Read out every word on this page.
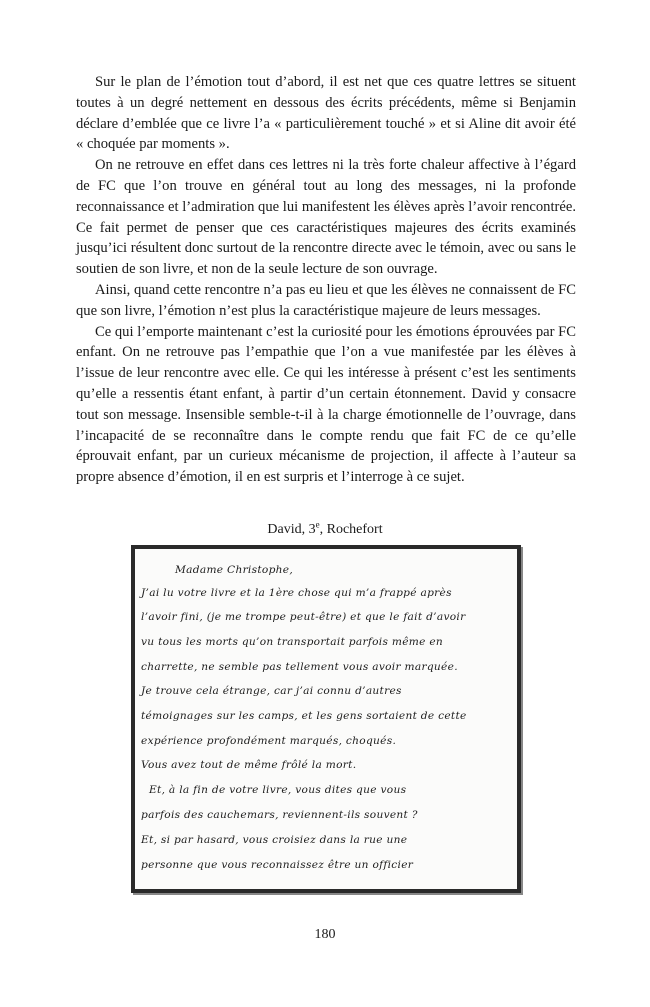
Sur le plan de l’émotion tout d’abord, il est net que ces quatre lettres se situent toutes à un degré nettement en dessous des écrits précédents, même si Benjamin déclare d’emblée que ce livre l’a « particulièrement touché » et si Aline dit avoir été « choquée par moments ».

On ne retrouve en effet dans ces lettres ni la très forte chaleur affective à l’égard de FC que l’on trouve en général tout au long des messages, ni la profonde reconnaissance et l’admiration que lui manifestent les élèves après l’avoir rencontrée. Ce fait permet de penser que ces caractéristiques majeures des écrits examinés jusqu’ici résultent donc surtout de la rencontre directe avec le témoin, avec ou sans le soutien de son livre, et non de la seule lecture de son ouvrage.

Ainsi, quand cette rencontre n’a pas eu lieu et que les élèves ne connaissent de FC que son livre, l’émotion n’est plus la caractéristique majeure de leurs messages.

Ce qui l’emporte maintenant c’est la curiosité pour les émotions éprouvées par FC enfant. On ne retrouve pas l’empathie que l’on a vue manifestée par les élèves à l’issue de leur rencontre avec elle. Ce qui les intéresse à présent c’est les sentiments qu’elle a ressentis étant enfant, à partir d’un certain étonnement. David y consacre tout son message. Insensible semble-t-il à la charge émotionnelle de l’ouvrage, dans l’incapacité de se reconnaître dans le compte rendu que fait FC de ce qu’elle éprouvait enfant, par un curieux mécanisme de projection, il affecte à l’auteur sa propre absence d’émotion, il en est surpris et l’interroge à ce sujet.

David, 3e, Rochefort
Madame Christophe,
J’ai lu votre livre et la 1ère chose qui m’a frappé après
l’avoir fini, (je me trompe peut-être) et que le fait d’avoir
vu tous les morts qu’on transportait parfois même en
charrette, ne semble pas tellement vous avoir marquée.
Je trouve cela étrange, car j’ai connu d’autres
témoignages sur les camps, et les gens sortaient de cette
expérience profondément marqués, choqués.
Vous avez tout de même frôlé la mort.
Et, à la fin de votre livre, vous dites que vous
parfois des cauchemars, reviennent-ils souvent ?
Et, si par hasard, vous croisiez dans la rue une
personne que vous reconnaissez être un officier
180
